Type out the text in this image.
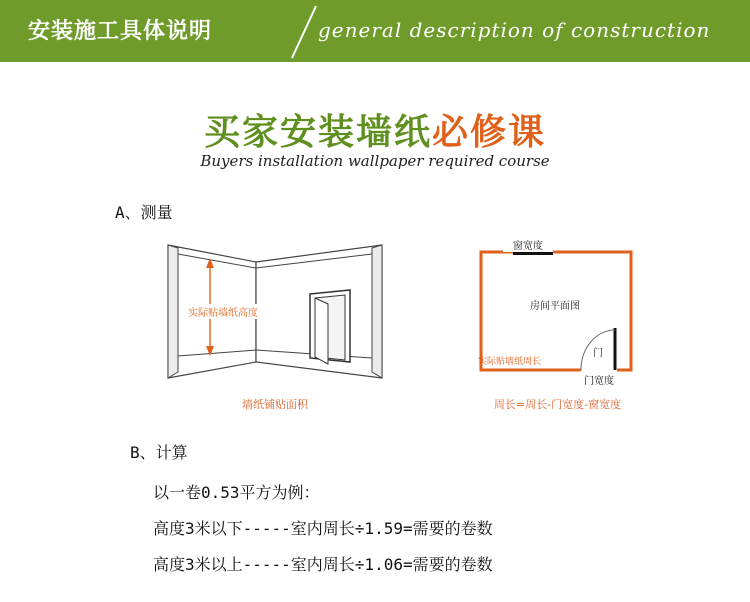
安装施工具体说明	general description of construction
买家安装墙纸必修课
Buyers installation wallpaper required course
A、测量
实际贴墙纸高度
墙纸铺贴面积
窗宽度
房间平面图
实际贴墙纸周长
门
门宽度
周长=周长-门宽度-窗宽度
B、计算
以一卷0.53平方为例：
高度3米以下-----室内周长÷1.59=需要的卷数
高度3米以上-----室内周长÷1.06=需要的卷数
